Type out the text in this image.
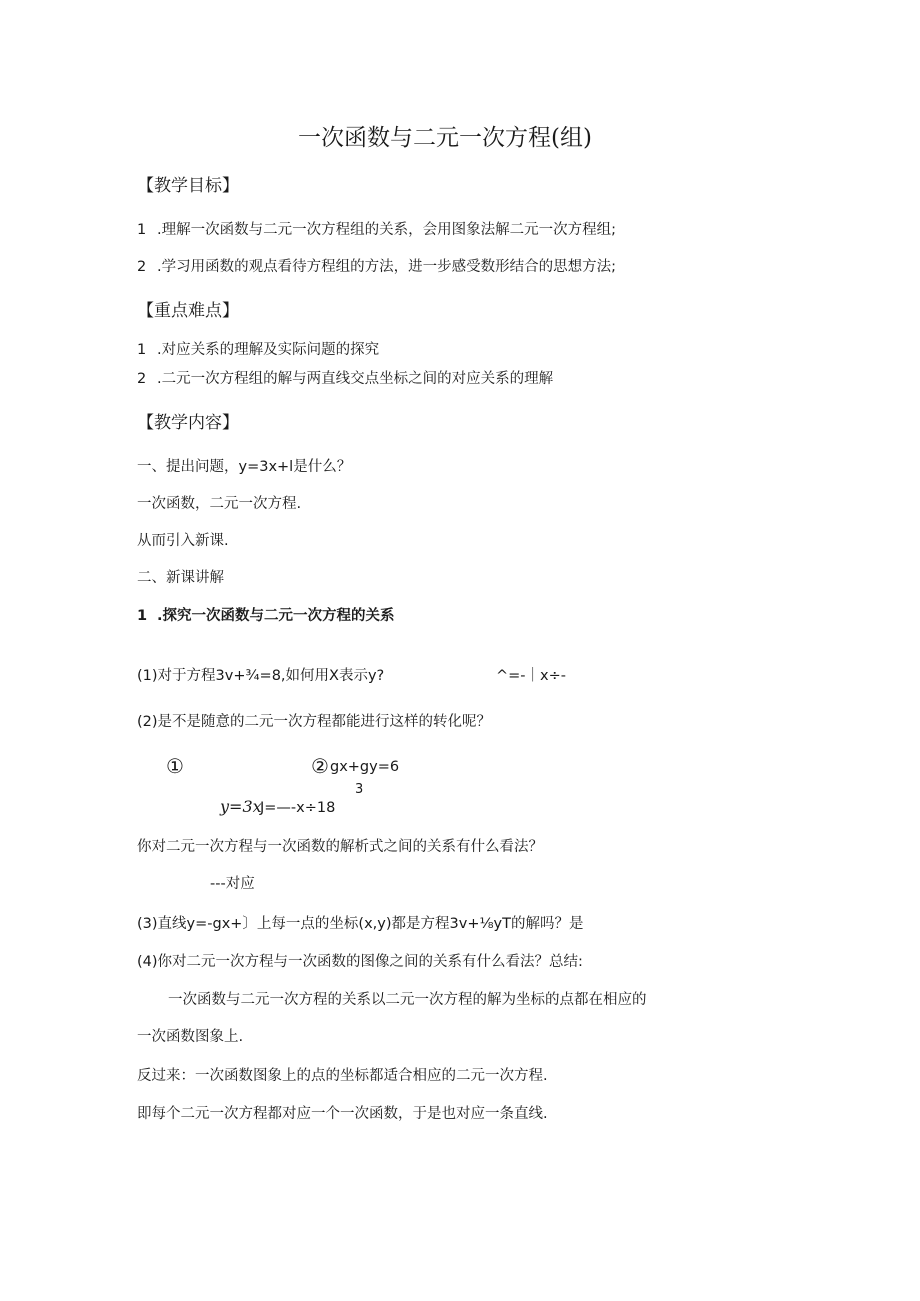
一次函数与二元一次方程(组)
【教学目标】
1 .理解一次函数与二元一次方程组的关系，会用图象法解二元一次方程组;
2 .学习用函数的观点看待方程组的方法，进一步感受数形结合的思想方法;
【重点难点】
1 .对应关系的理解及实际问题的探究
2 .二元一次方程组的解与两直线交点坐标之间的对应关系的理解
【教学内容】
一、提出问题，y=3x+l是什么？
一次函数，二元一次方程.
从而引入新课.
二、新课讲解
1 .探究一次函数与二元一次方程的关系
(1)对于方程3v+¾=8,如何用X表示y?	^=-｜x÷-
(2)是不是随意的二元一次方程都能进行这样的转化呢？
①	② gx+gy=6
3
y=3x
J=—-x÷18
你对二元一次方程与一次函数的解析式之间的关系有什么看法？
---对应
(3)直线y=-gx+〕上每一点的坐标(x,y)都是方程3v+⅛yT的解吗？是
(4)你对二元一次方程与一次函数的图像之间的关系有什么看法？总结:
一次函数与二元一次方程的关系以二元一次方程的解为坐标的点都在相应的
一次函数图象上.
反过来：一次函数图象上的点的坐标都适合相应的二元一次方程.
即每个二元一次方程都对应一个一次函数，于是也对应一条直线.
